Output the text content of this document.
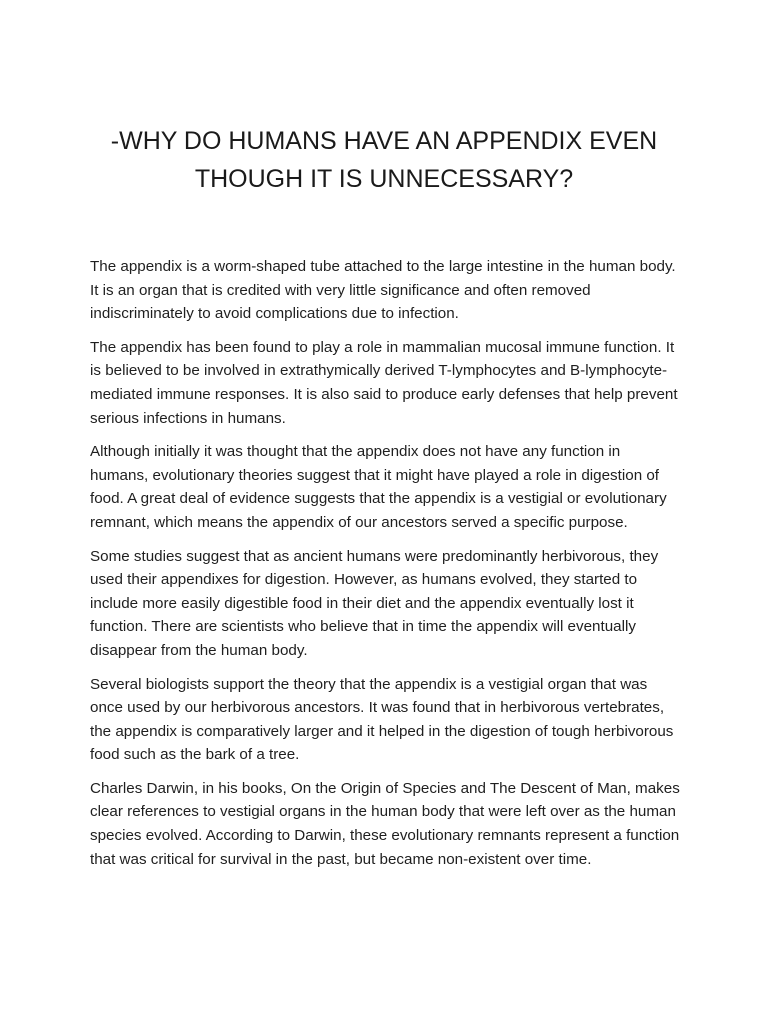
-WHY DO HUMANS HAVE AN APPENDIX EVEN THOUGH IT IS UNNECESSARY?

The appendix is a worm-shaped tube attached to the large intestine in the human body. It is an organ that is credited with very little significance and often removed indiscriminately to avoid complications due to infection.

The appendix has been found to play a role in mammalian mucosal immune function. It is believed to be involved in extrathymically derived T-lymphocytes and B-lymphocyte-mediated immune responses. It is also said to produce early defenses that help prevent serious infections in humans.

Although initially it was thought that the appendix does not have any function in humans, evolutionary theories suggest that it might have played a role in digestion of food. A great deal of evidence suggests that the appendix is a vestigial or evolutionary remnant, which means the appendix of our ancestors served a specific purpose.

Some studies suggest that as ancient humans were predominantly herbivorous, they used their appendixes for digestion. However, as humans evolved, they started to include more easily digestible food in their diet and the appendix eventually lost it function. There are scientists who believe that in time the appendix will eventually disappear from the human body.

Several biologists support the theory that the appendix is a vestigial organ that was once used by our herbivorous ancestors. It was found that in herbivorous vertebrates, the appendix is comparatively larger and it helped in the digestion of tough herbivorous food such as the bark of a tree.

Charles Darwin, in his books, On the Origin of Species and The Descent of Man, makes clear references to vestigial organs in the human body that were left over as the human species evolved. According to Darwin, these evolutionary remnants represent a function that was critical for survival in the past, but became non-existent over time.
